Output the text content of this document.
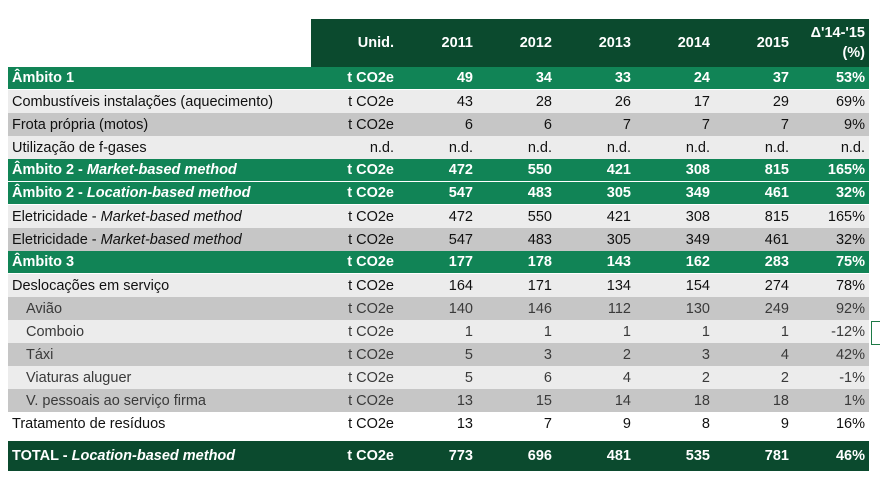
	Unid.	2011	2012	2013	2014	2015	Δ'14-'15
(%)

Âmbito 1	t CO2e	49	34	33	24	37	53%
Combustíveis instalações (aquecimento)	t CO2e	43	28	26	17	29	69%
Frota própria (motos)	t CO2e	6	6	7	7	7	9%
Utilização de f-gases	n.d.	n.d.	n.d.	n.d.	n.d.	n.d.	n.d.
Âmbito 2 - Market-based method	t CO2e	472	550	421	308	815	165%
Âmbito 2 - Location-based method	t CO2e	547	483	305	349	461	32%
Eletricidade - Market-based method	t CO2e	472	550	421	308	815	165%
Eletricidade - Market-based method	t CO2e	547	483	305	349	461	32%
Âmbito 3	t CO2e	177	178	143	162	283	75%
Deslocações em serviço	t CO2e	164	171	134	154	274	78%
Avião	t CO2e	140	146	112	130	249	92%
Comboio	t CO2e	1	1	1	1	1	-12%
Táxi	t CO2e	5	3	2	3	4	42%
Viaturas aluguer	t CO2e	5	6	4	2	2	-1%
V. pessoais ao serviço firma	t CO2e	13	15	14	18	18	1%
Tratamento de resíduos	t CO2e	13	7	9	8	9	16%
TOTAL - Location-based method	t CO2e	773	696	481	535	781	46%
